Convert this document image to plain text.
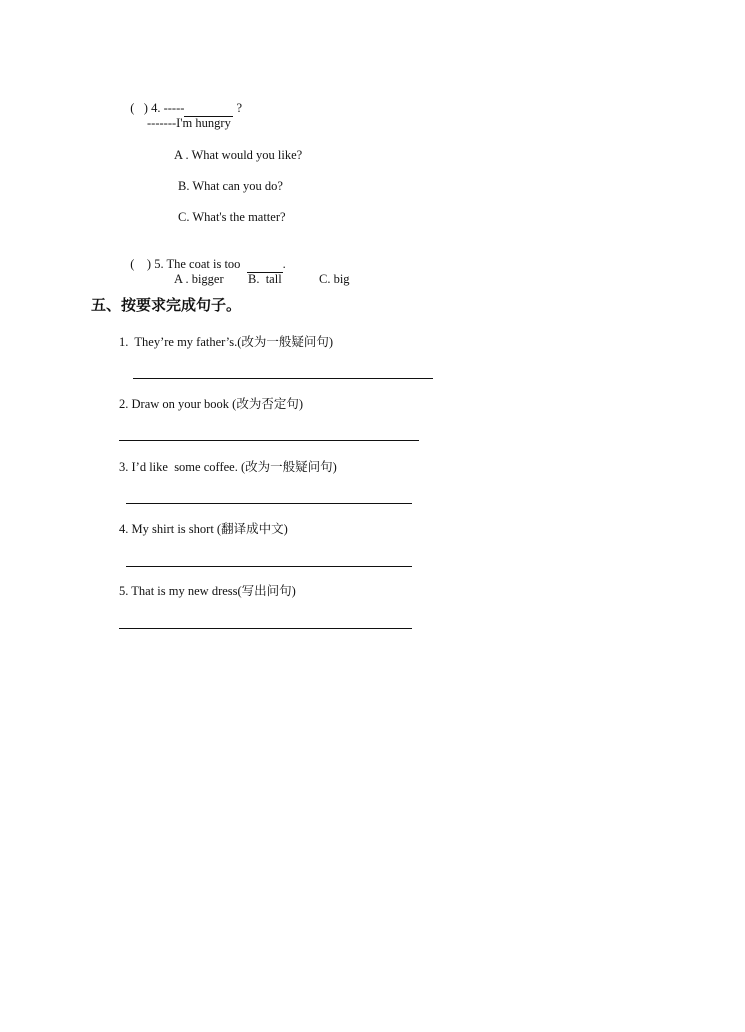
(   ) 4. -----	?

-------I'm hungry
A . What would you like?
B. What can you do?
C. What's the matter?

(    ) 5. The coat is too	.

A . bigger B.  tall	C. big
五、按要求完成句子。
1.  They’re my father’s.(改为一般疑问句)
2. Draw on your book (改为否定句)
3. I’d like  some coffee. (改为一般疑问句)
4. My shirt is short (翻译成中文)
5. That is my new dress(写出问句)
